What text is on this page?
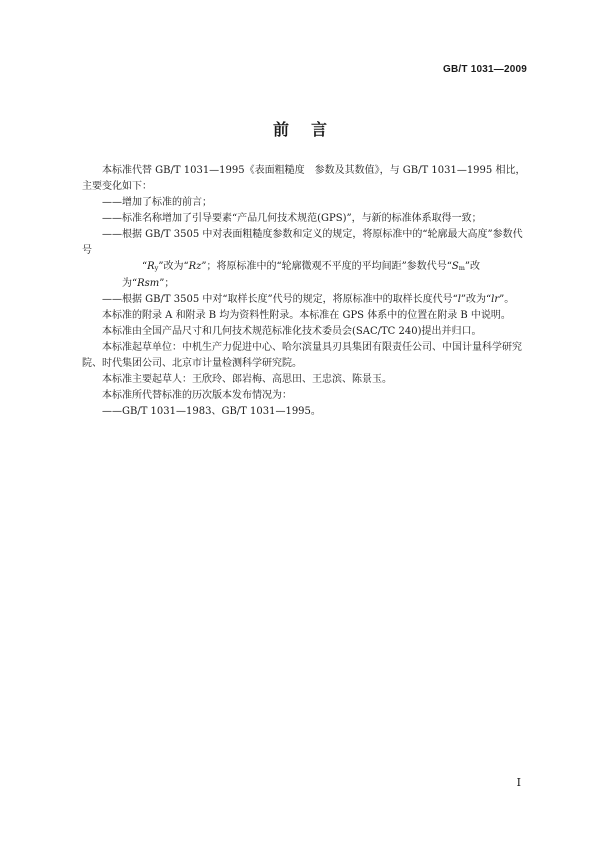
GB/T 1031—2009
前言

本标准代替 GB/T 1031—1995《表面粗糙度　参数及其数值》，与 GB/T 1031—1995 相比，主要变化如下：

——增加了标准的前言；

——标准名称增加了引导要素“产品几何技术规范(GPS)”，与新的标准体系取得一致；

——根据 GB/T 3505 中对表面粗糙度参数和定义的规定，将原标准中的“轮廓最大高度”参数代号

“Ry”改为“Rz”；将原标准中的“轮廓微观不平度的平均间距”参数代号“Sm”改为“Rsm”；

——根据 GB/T 3505 中对“取样长度”代号的规定，将原标准中的取样长度代号“l”改为“lr”。

本标准的附录 A 和附录 B 均为资料性附录。本标准在 GPS 体系中的位置在附录 B 中说明。

本标准由全国产品尺寸和几何技术规范标准化技术委员会(SAC/TC 240)提出并归口。

本标准起草单位：中机生产力促进中心、哈尔滨量具刃具集团有限责任公司、中国计量科学研究院、时代集团公司、北京市计量检测科学研究院。

本标准主要起草人：王欣玲、郎岩梅、高思田、王忠滨、陈景玉。

本标准所代替标准的历次版本发布情况为：

——GB/T 1031—1983、GB/T 1031—1995。

I
